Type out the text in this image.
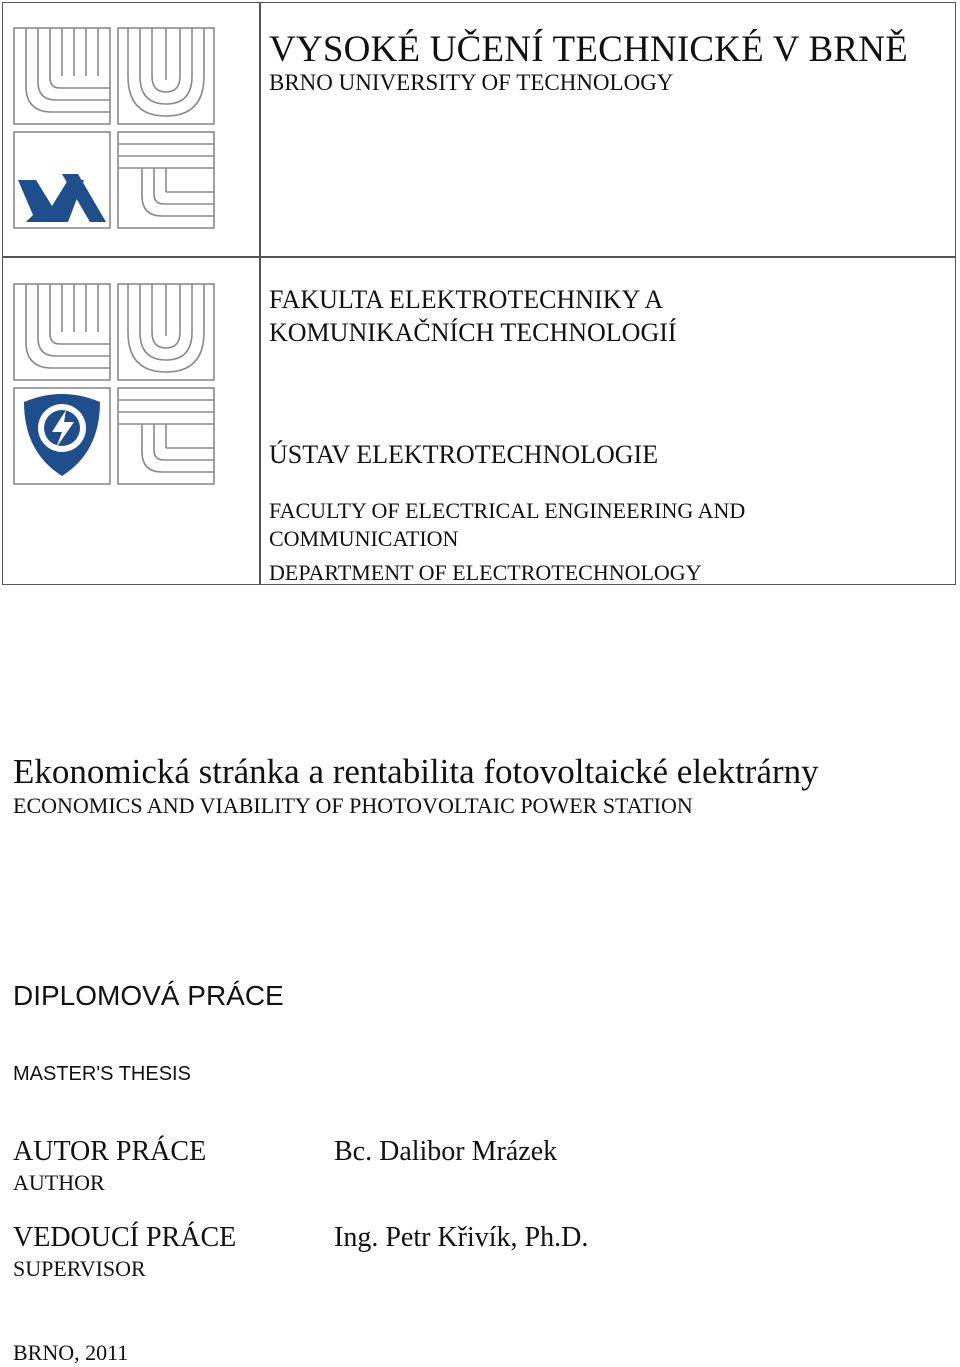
VYSOKÉ UČENÍ TECHNICKÉ V BRNĚ
BRNO UNIVERSITY OF TECHNOLOGY
FAKULTA ELEKTROTECHNIKY A KOMUNIKAČNÍCH TECHNOLOGIÍ
ÚSTAV ELEKTROTECHNOLOGIE
FACULTY OF ELECTRICAL ENGINEERING AND COMMUNICATION
DEPARTMENT OF ELECTROTECHNOLOGY
Ekonomická stránka a rentabilita fotovoltaické elektrárny
ECONOMICS AND VIABILITY OF PHOTOVOLTAIC POWER STATION
DIPLOMOVÁ PRÁCE
MASTER'S THESIS
AUTOR PRÁCE
AUTHOR
Bc. Dalibor Mrázek
VEDOUCÍ PRÁCE
SUPERVISOR
Ing. Petr Křivík, Ph.D.
BRNO, 2011
